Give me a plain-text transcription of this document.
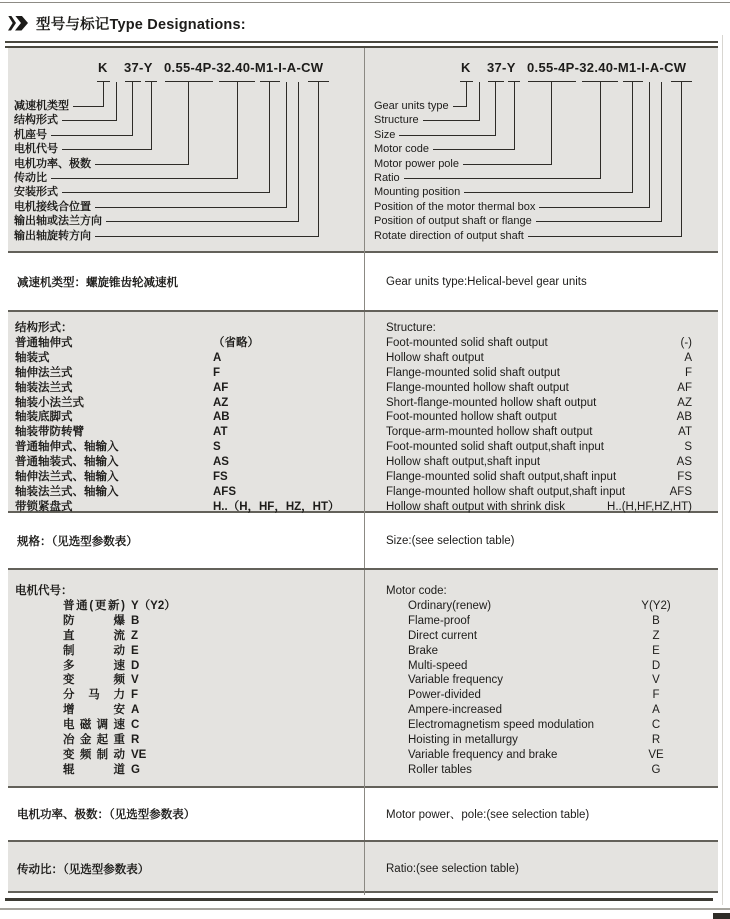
型号与标记Type Designations:
K 37-Y 0.55-4P-32.40-M1-I-A-CW
减速机类型
结构形式
机座号
电机代号
电机功率、极数
传动比
安装形式
电机接线合位置
输出轴或法兰方向
输出轴旋转方向
K 37-Y 0.55-4P-32.40-M1-I-A-CW
Gear units type
Structure
Size
Motor code
Motor power pole
Ratio
Mounting position
Position of the motor thermal box
Position of output shaft or flange
Rotate direction of output shaft
减速机类型：螺旋锥齿轮减速机	Gear units type:Helical-bevel gear units
结构形式：
普通轴伸式	（省略）
轴装式	A
轴伸法兰式	F
轴装法兰式	AF
轴装小法兰式	AZ
轴装底脚式	AB
轴装带防转臂	AT
普通轴伸式、轴输入	S
普通轴装式、轴输入	AS
轴伸法兰式、轴输入	FS
轴装法兰式、轴输入	AFS
带锁紧盘式	H..（H，HF，HZ，HT）
Structure:
Foot-mounted solid shaft output	(-)
Hollow shaft output	A
Flange-mounted solid shaft output	F
Flange-mounted hollow shaft output	AF
Short-flange-mounted hollow shaft output	AZ
Foot-mounted hollow shaft output	AB
Torque-arm-mounted hollow shaft output	AT
Foot-mounted solid shaft output,shaft input	S
Hollow shaft output,shaft input	AS
Flange-mounted solid shaft output,shaft input	FS
Flange-mounted hollow shaft output,shaft input	AFS
Hollow shaft output with shrink disk	H..(H,HF,HZ,HT)
规格：（见选型参数表）	Size:(see selection table)
电机代号：
普通(更新) Y（Y2）
防爆 B
直流 Z
制动 E
多速 D
变频 V
分马力 F
增安 A
电磁调速 C
冶金起重 R
变频制动 VE
辊道 G
Motor code:
Ordinary(renew)	Y(Y2)
Flame-proof	B
Direct current	Z
Brake	E
Multi-speed	D
Variable frequency	V
Power-divided	F
Ampere-increased	A
Electromagnetism speed modulation	C
Hoisting in metallurgy	R
Variable frequency and brake	VE
Roller tables	G
电机功率、极数：（见选型参数表）	Motor power、pole:(see selection table)
传动比：（见选型参数表）	Ratio:(see selection table)
